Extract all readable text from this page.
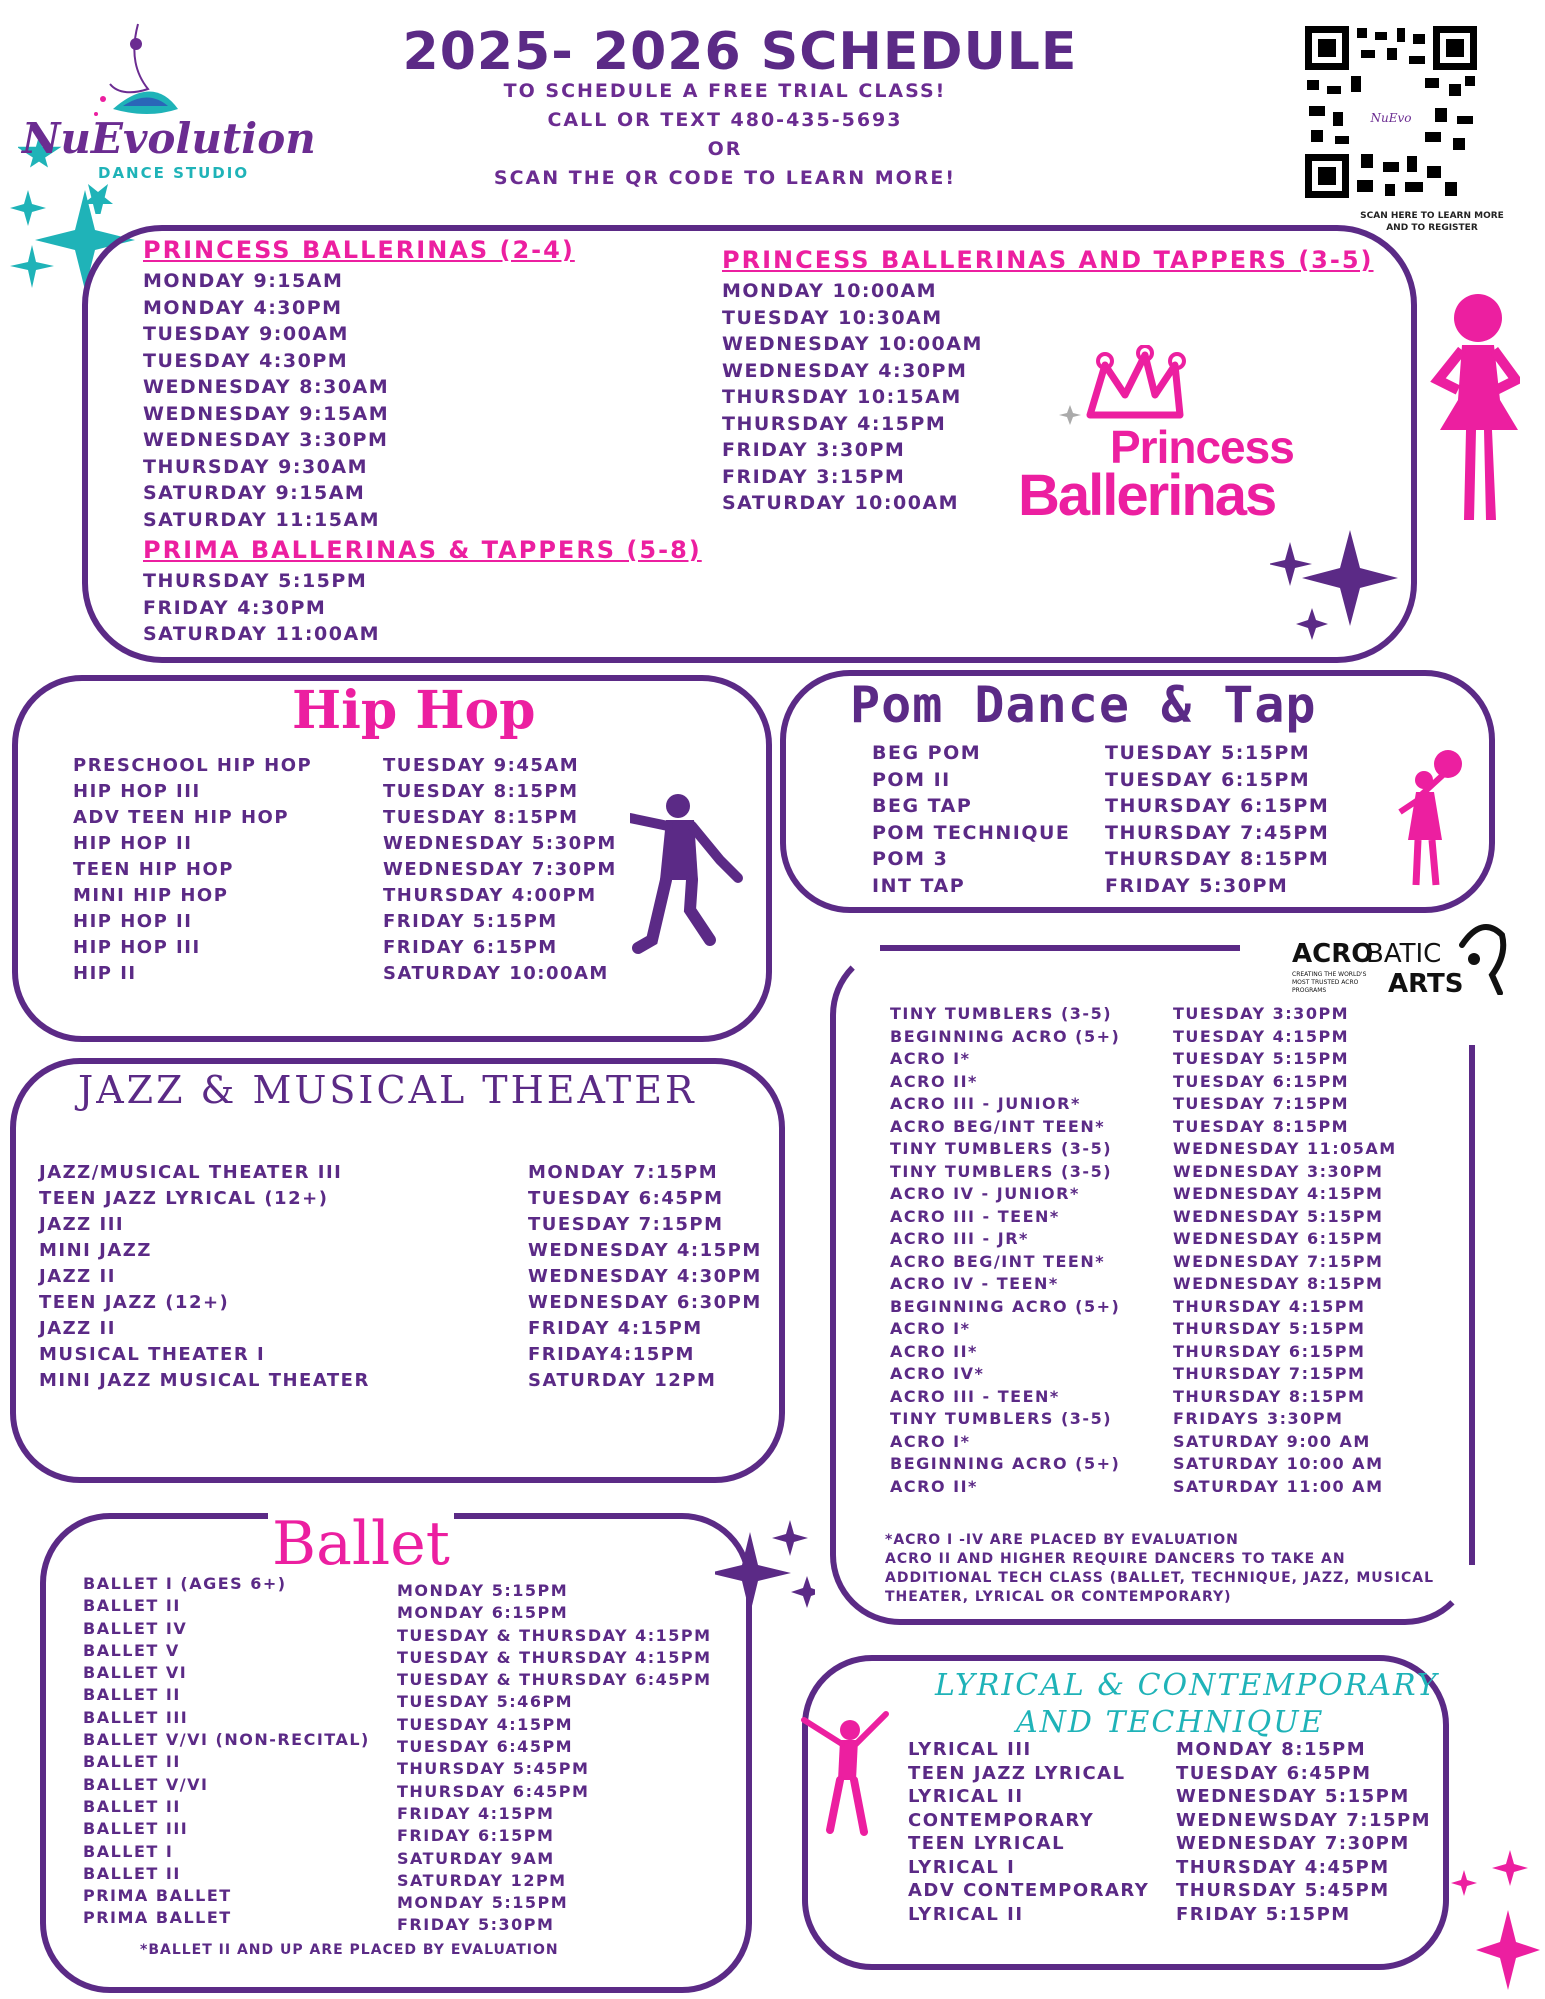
NuEvolution
DANCE STUDIO
2025- 2026 SCHEDULE
TO SCHEDULE A FREE TRIAL CLASS!
CALL OR TEXT 480-435-5693
OR
SCAN THE QR CODE TO LEARN MORE!
NuEvo
SCAN HERE TO LEARN MORE AND TO REGISTER
PRINCESS BALLERINAS (2-4)
MONDAY 9:15AM
MONDAY 4:30PM
TUESDAY 9:00AM
TUESDAY 4:30PM
WEDNESDAY 8:30AM
WEDNESDAY 9:15AM
WEDNESDAY 3:30PM
THURSDAY 9:30AM
SATURDAY 9:15AM
SATURDAY 11:15AM
PRIMA BALLERINAS & TAPPERS (5-8)
THURSDAY 5:15PM
FRIDAY 4:30PM
SATURDAY 11:00AM
PRINCESS BALLERINAS AND TAPPERS (3-5)
MONDAY 10:00AM
TUESDAY 10:30AM
WEDNESDAY 10:00AM
WEDNESDAY 4:30PM
THURSDAY 10:15AM
THURSDAY 4:15PM
FRIDAY 3:30PM
FRIDAY 3:15PM
SATURDAY 10:00AM
Princess
Ballerinas
Hip Hop
PRESCHOOL HIP HOP
HIP HOP III
ADV TEEN HIP HOP
HIP HOP II
TEEN HIP HOP
MINI HIP HOP
HIP HOP II
HIP HOP III
HIP II
TUESDAY 9:45AM
TUESDAY 8:15PM
TUESDAY 8:15PM
WEDNESDAY 5:30PM
WEDNESDAY 7:30PM
THURSDAY 4:00PM
FRIDAY 5:15PM
FRIDAY 6:15PM
SATURDAY 10:00AM
Pom Dance & Tap
BEG POM
POM II
BEG TAP
POM TECHNIQUE
POM 3
INT TAP
TUESDAY 5:15PM
TUESDAY 6:15PM
THURSDAY 6:15PM
THURSDAY 7:45PM
THURSDAY 8:15PM
FRIDAY 5:30PM
JAZZ & MUSICAL THEATER
JAZZ/MUSICAL THEATER III
TEEN JAZZ LYRICAL (12+)
JAZZ III
MINI JAZZ
JAZZ II
TEEN JAZZ (12+)
JAZZ II
MUSICAL THEATER I
MINI JAZZ MUSICAL THEATER
MONDAY 7:15PM
TUESDAY 6:45PM
TUESDAY 7:15PM
WEDNESDAY 4:15PM
WEDNESDAY 4:30PM
WEDNESDAY 6:30PM
FRIDAY 4:15PM
FRIDAY4:15PM
SATURDAY 12PM
ACRO
BATIC
ARTS
CREATING THE WORLD'S MOST TRUSTED ACRO PROGRAMS
TINY TUMBLERS (3-5)
BEGINNING ACRO (5+)
ACRO I*
ACRO II*
ACRO III - JUNIOR*
ACRO BEG/INT TEEN*
TINY TUMBLERS (3-5)
TINY TUMBLERS (3-5)
ACRO IV - JUNIOR*
ACRO III - TEEN*
ACRO III - JR*
ACRO BEG/INT TEEN*
ACRO IV - TEEN*
BEGINNING ACRO (5+)
ACRO I*
ACRO II*
ACRO IV*
ACRO III - TEEN*
TINY TUMBLERS (3-5)
ACRO I*
BEGINNING ACRO (5+)
ACRO II*
TUESDAY 3:30PM
TUESDAY 4:15PM
TUESDAY 5:15PM
TUESDAY 6:15PM
TUESDAY 7:15PM
TUESDAY 8:15PM
WEDNESDAY 11:05AM
WEDNESDAY 3:30PM
WEDNESDAY 4:15PM
WEDNESDAY 5:15PM
WEDNESDAY 6:15PM
WEDNESDAY 7:15PM
WEDNESDAY 8:15PM
THURSDAY 4:15PM
THURSDAY 5:15PM
THURSDAY 6:15PM
THURSDAY 7:15PM
THURSDAY 8:15PM
FRIDAYS 3:30PM
SATURDAY 9:00 AM
SATURDAY 10:00 AM
SATURDAY 11:00 AM
*ACRO I -IV ARE PLACED BY EVALUATION
ACRO II AND HIGHER REQUIRE DANCERS TO TAKE AN
ADDITIONAL TECH CLASS (BALLET, TECHNIQUE, JAZZ, MUSICAL
THEATER, LYRICAL OR CONTEMPORARY)
Ballet
BALLET I (AGES 6+)
BALLET II
BALLET IV
BALLET V
BALLET VI
BALLET II
BALLET III
BALLET V/VI (NON-RECITAL)
BALLET II
BALLET V/VI
BALLET II
BALLET III
BALLET I
BALLET II
PRIMA BALLET
PRIMA BALLET
MONDAY 5:15PM
MONDAY 6:15PM
TUESDAY & THURSDAY 4:15PM
TUESDAY & THURSDAY 4:15PM
TUESDAY & THURSDAY 6:45PM
TUESDAY 5:46PM
TUESDAY 4:15PM
TUESDAY 6:45PM
THURSDAY 5:45PM
THURSDAY 6:45PM
FRIDAY 4:15PM
FRIDAY 6:15PM
SATURDAY 9AM
SATURDAY 12PM
MONDAY 5:15PM
FRIDAY 5:30PM
*BALLET II AND UP ARE PLACED BY EVALUATION
LYRICAL & CONTEMPORARY
AND TECHNIQUE
LYRICAL III
TEEN JAZZ LYRICAL
LYRICAL II
CONTEMPORARY
TEEN LYRICAL
LYRICAL I
ADV CONTEMPORARY
LYRICAL II
MONDAY 8:15PM
TUESDAY 6:45PM
WEDNESDAY 5:15PM
WEDNEWSDAY 7:15PM
WEDNESDAY 7:30PM
THURSDAY 4:45PM
THURSDAY 5:45PM
FRIDAY 5:15PM
